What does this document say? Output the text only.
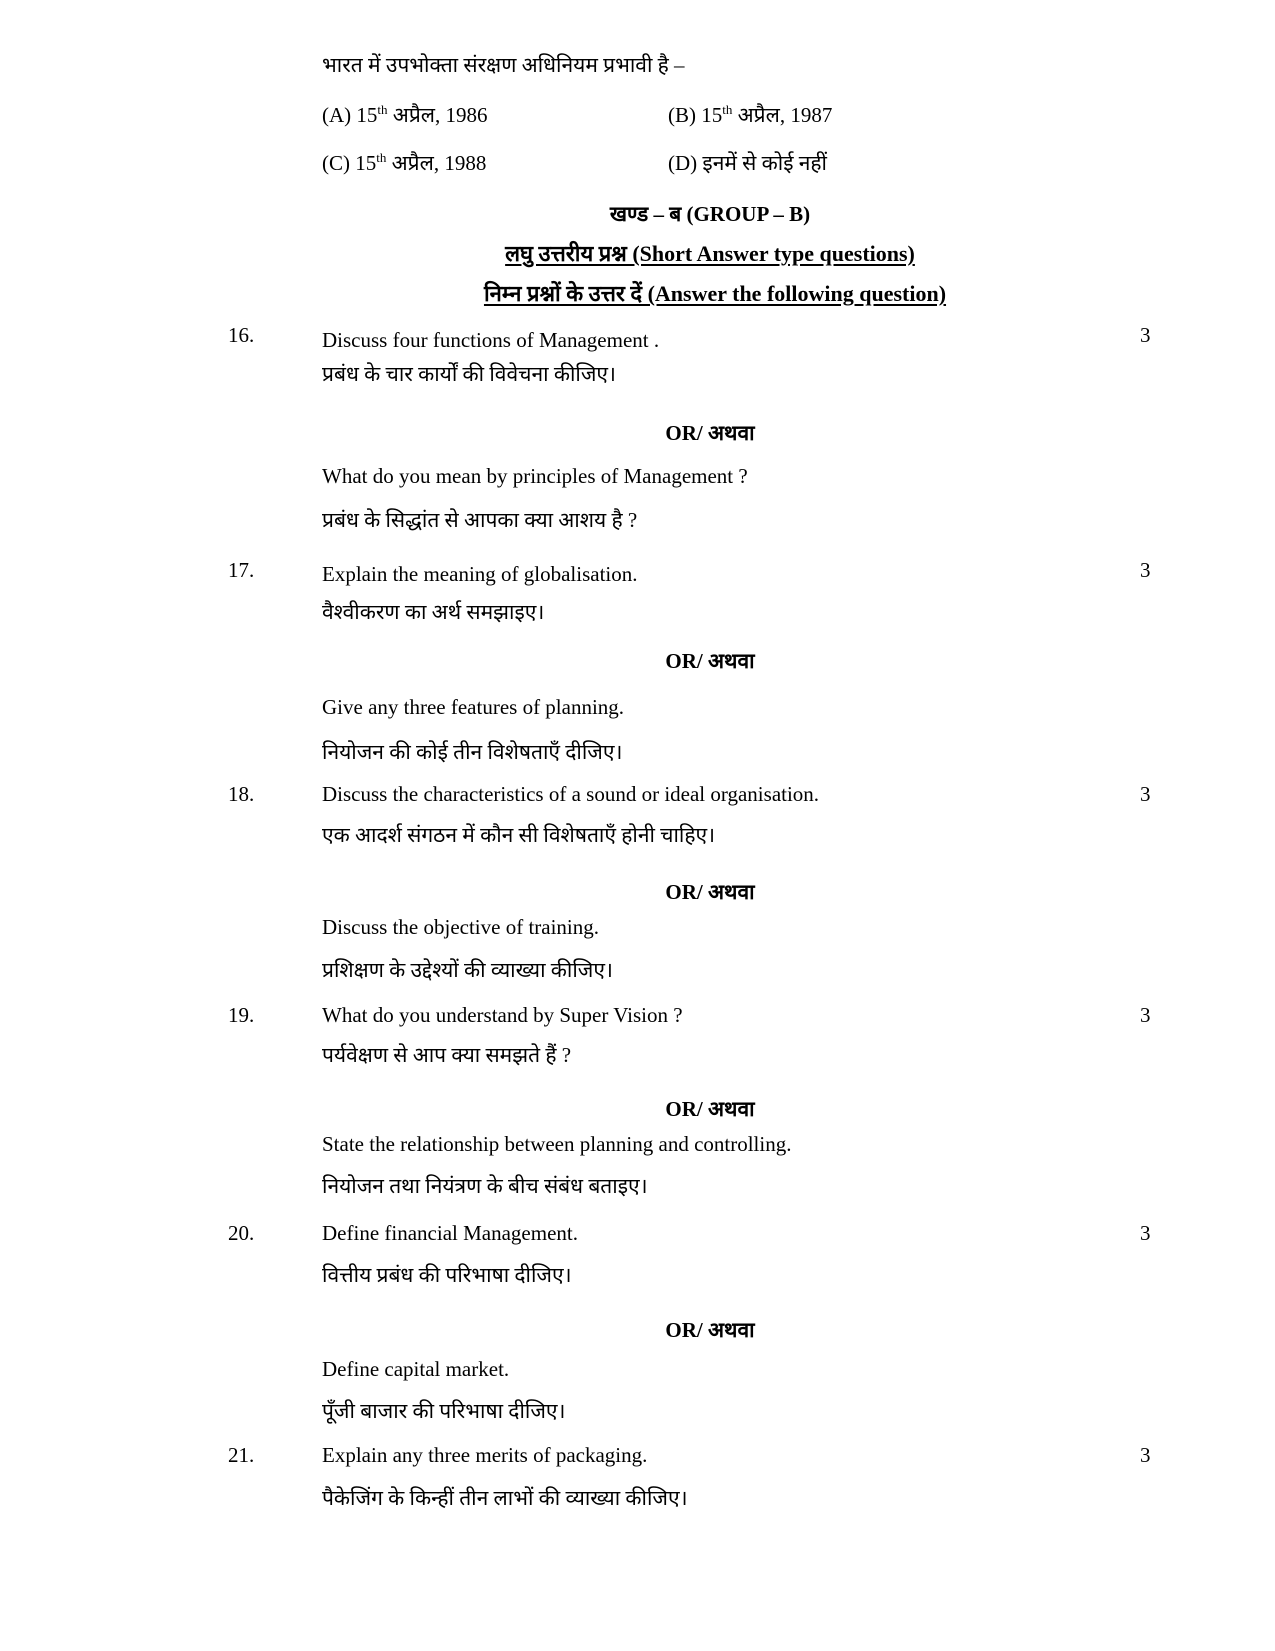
भारत में उपभोक्ता संरक्षण अधिनियम प्रभावी है –
(A) 15th अप्रैल, 1986	(B) 15th अप्रैल, 1987
(C) 15th अप्रैल, 1988	(D) इनमें से कोई नहीं
खण्ड – ब (GROUP – B)
लघु उत्तरीय प्रश्न (Short Answer type questions)
निम्न प्रश्नों के उत्तर दें (Answer the following question)
16.	Discuss four functions of Management .	3
प्रबंध के चार कार्यों की विवेचना कीजिए।
OR/ अथवा
What do you mean by principles of Management ?
प्रबंध के सिद्धांत से आपका क्या आशय है ?
17.	Explain the meaning of globalisation.	3
वैश्वीकरण का अर्थ समझाइए।
OR/ अथवा
Give any three features of planning.
नियोजन की कोई तीन विशेषताएँ दीजिए।
18.	Discuss the characteristics of a sound or ideal organisation.	3
एक आदर्श संगठन में कौन सी विशेषताएँ होनी चाहिए।
OR/ अथवा
Discuss the objective of training.
प्रशिक्षण के उद्देश्यों की व्याख्या कीजिए।
19.	What do you understand by Super Vision ?	3
पर्यवेक्षण से आप क्या समझते हैं ?
OR/ अथवा
State the relationship between planning and controlling.
नियोजन तथा नियंत्रण के बीच संबंध बताइए।
20.	Define financial Management.	3
वित्तीय प्रबंध की परिभाषा दीजिए।
OR/ अथवा
Define capital market.
पूँजी बाजार की परिभाषा दीजिए।
21.	Explain any three merits of packaging.	3
पैकेजिंग के किन्हीं तीन लाभों की व्याख्या कीजिए।
